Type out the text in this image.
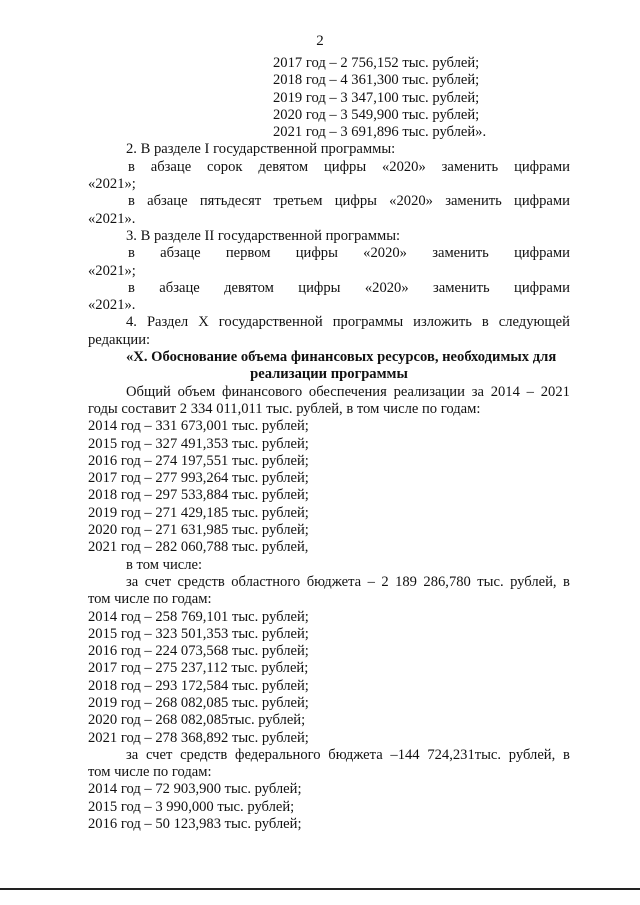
2
2017 год – 2 756,152 тыс. рублей;
2018 год – 4 361,300 тыс. рублей;
2019 год – 3 347,100 тыс. рублей;
2020 год – 3 549,900 тыс. рублей;
2021 год – 3 691,896 тыс. рублей».
2. В разделе I государственной программы:
в абзаце сорок девятом цифры «2020» заменить цифрами
«2021»;
в абзаце пятьдесят третьем цифры «2020» заменить цифрами
«2021».
3. В разделе II государственной программы:
в абзаце первом цифры «2020» заменить цифрами
«2021»;
в абзаце девятом цифры «2020» заменить цифрами
«2021».
4. Раздел X государственной программы изложить в следующей
редакции:
«X. Обоснование объема финансовых ресурсов, необходимых для
реализации программы
Общий объем финансового обеспечения реализации за 2014 – 2021
годы составит 2 334 011,011 тыс. рублей, в том числе по годам:
2014 год – 331 673,001 тыс. рублей;
2015 год – 327 491,353 тыс. рублей;
2016 год – 274 197,551 тыс. рублей;
2017 год – 277 993,264 тыс. рублей;
2018 год – 297 533,884 тыс. рублей;
2019 год – 271 429,185 тыс. рублей;
2020 год – 271 631,985 тыс. рублей;
2021 год – 282 060,788 тыс. рублей,
в том числе:
за счет средств областного бюджета – 2 189 286,780 тыс. рублей, в
том числе по годам:
2014 год – 258 769,101 тыс. рублей;
2015 год – 323 501,353 тыс. рублей;
2016 год – 224 073,568 тыс. рублей;
2017 год – 275 237,112 тыс. рублей;
2018 год – 293 172,584 тыс. рублей;
2019 год – 268 082,085 тыс. рублей;
2020 год – 268 082,085тыс. рублей;
2021 год – 278 368,892 тыс. рублей;
за счет средств федерального бюджета –144 724,231тыс. рублей, в
том числе по годам:
2014 год – 72 903,900 тыс. рублей;
2015 год – 3 990,000 тыс. рублей;
2016 год – 50 123,983 тыс. рублей;
